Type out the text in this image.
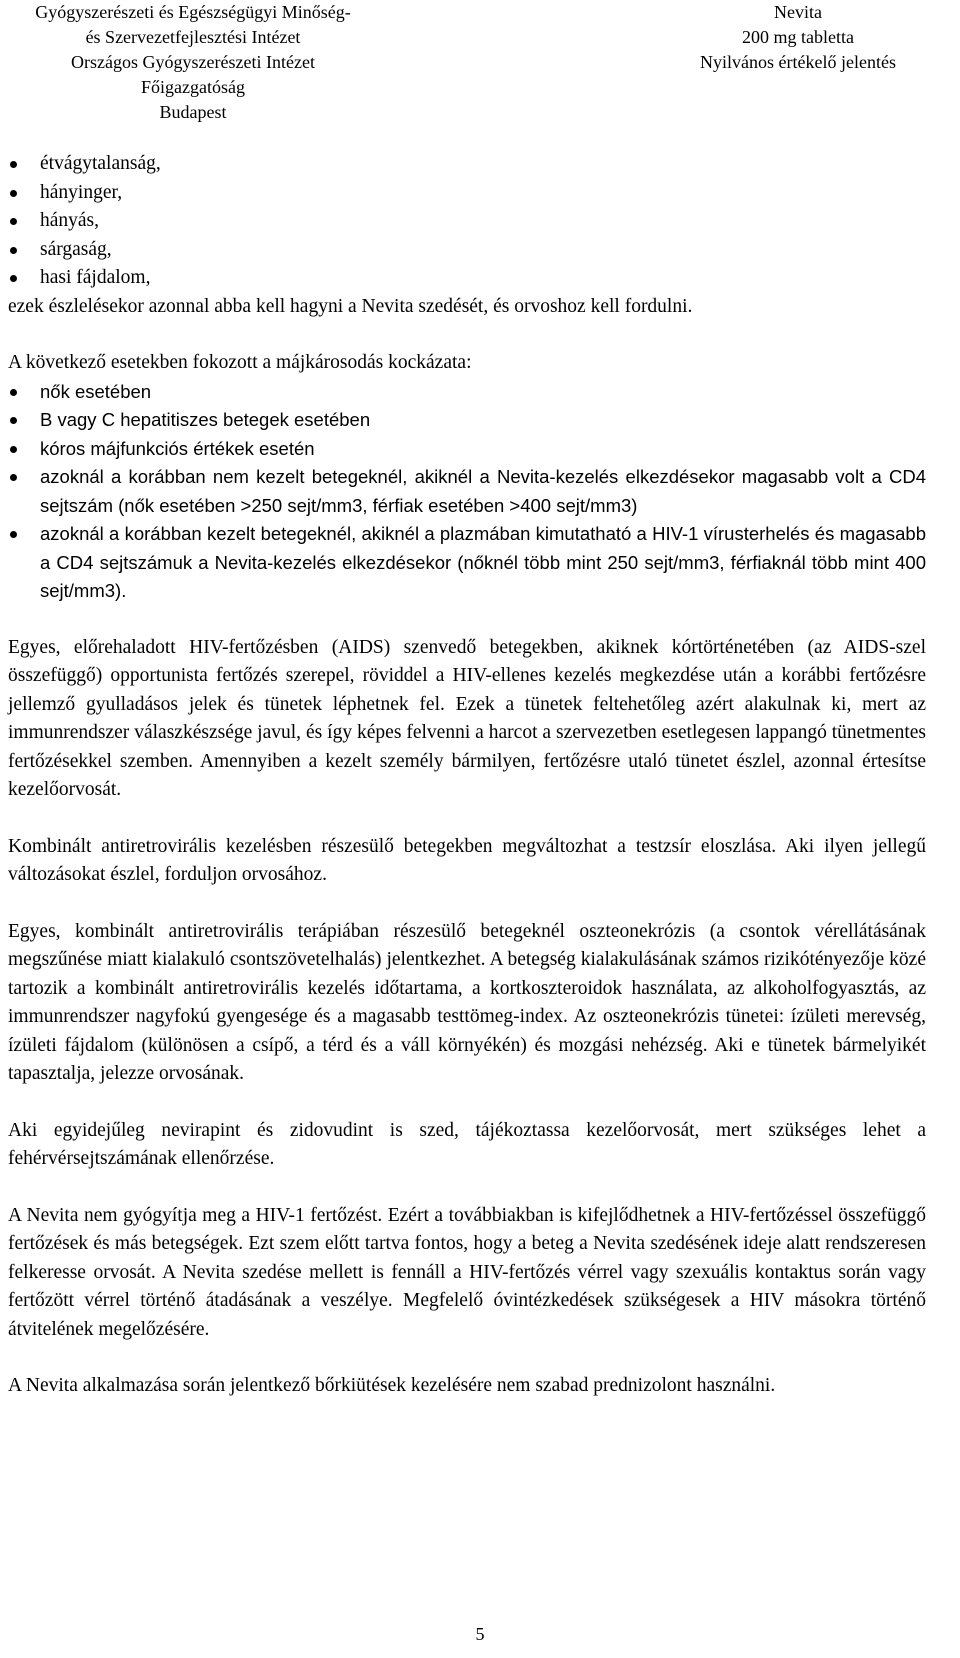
Gyógyszerészeti és Egészségügyi Minőség-
és Szervezetfejlesztési Intézet
Országos Gyógyszerészeti Intézet
Főigazgatóság
Budapest
Nevita
200 mg tabletta
Nyilvános értékelő jelentés
étvágytalanság,
hányinger,
hányás,
sárgaság,
hasi fájdalom,

ezek észlelésekor azonnal abba kell hagyni a Nevita szedését, és orvoshoz kell fordulni.

A következő esetekben fokozott a májkárosodás kockázata:

nők esetében
B vagy C hepatitiszes betegek esetében
kóros májfunkciós értékek esetén
azoknál a korábban nem kezelt betegeknél, akiknél a Nevita-kezelés elkezdésekor magasabb volt a CD4 sejtszám (nők esetében >250 sejt/mm3, férfiak esetében >400 sejt/mm3)
azoknál a korábban kezelt betegeknél, akiknél a plazmában kimutatható a HIV-1 vírusterhelés és magasabb a CD4 sejtszámuk a Nevita-kezelés elkezdésekor (nőknél több mint 250 sejt/mm3, férfiaknál több mint 400 sejt/mm3).

Egyes, előrehaladott HIV-fertőzésben (AIDS) szenvedő betegekben, akiknek kórtörténetében (az AIDS-szel összefüggő) opportunista fertőzés szerepel, röviddel a HIV-ellenes kezelés megkezdése után a korábbi fertőzésre jellemző gyulladásos jelek és tünetek léphetnek fel. Ezek a tünetek feltehetőleg azért alakulnak ki, mert az immunrendszer válaszkészsége javul, és így képes felvenni a harcot a szervezetben esetlegesen lappangó tünetmentes fertőzésekkel szemben. Amennyiben a kezelt személy bármilyen, fertőzésre utaló tünetet észlel, azonnal értesítse kezelőorvosát.

Kombinált antiretrovirális kezelésben részesülő betegekben megváltozhat a testzsír eloszlása. Aki ilyen jellegű változásokat észlel, forduljon orvosához.

Egyes, kombinált antiretrovirális terápiában részesülő betegeknél oszteonekrózis (a csontok vérellátásának megszűnése miatt kialakuló csontszövetelhalás) jelentkezhet. A betegség kialakulásának számos rizikótényezője közé tartozik a kombinált antiretrovirális kezelés időtartama, a kortkoszteroidok használata, az alkoholfogyasztás, az immunrendszer nagyfokú gyengesége és a magasabb testtömeg-index. Az oszteonekrózis tünetei: ízületi merevség, ízületi fájdalom (különösen a csípő, a térd és a váll környékén) és mozgási nehézség. Aki e tünetek bármelyikét tapasztalja, jelezze orvosának.

Aki egyidejűleg nevirapint és zidovudint is szed, tájékoztassa kezelőorvosát, mert szükséges lehet a fehérvérsejtszámának ellenőrzése.

A Nevita nem gyógyítja meg a HIV-1 fertőzést. Ezért a továbbiakban is kifejlődhetnek a HIV-fertőzéssel összefüggő fertőzések és más betegségek. Ezt szem előtt tartva fontos, hogy a beteg a Nevita szedésének ideje alatt rendszeresen felkeresse orvosát. A Nevita szedése mellett is fennáll a HIV-fertőzés vérrel vagy szexuális kontaktus során vagy fertőzött vérrel történő átadásának a veszélye. Megfelelő óvintézkedések szükségesek a HIV másokra történő átvitelének megelőzésére.

A Nevita alkalmazása során jelentkező bőrkiütések kezelésére nem szabad prednizolont használni.

5
